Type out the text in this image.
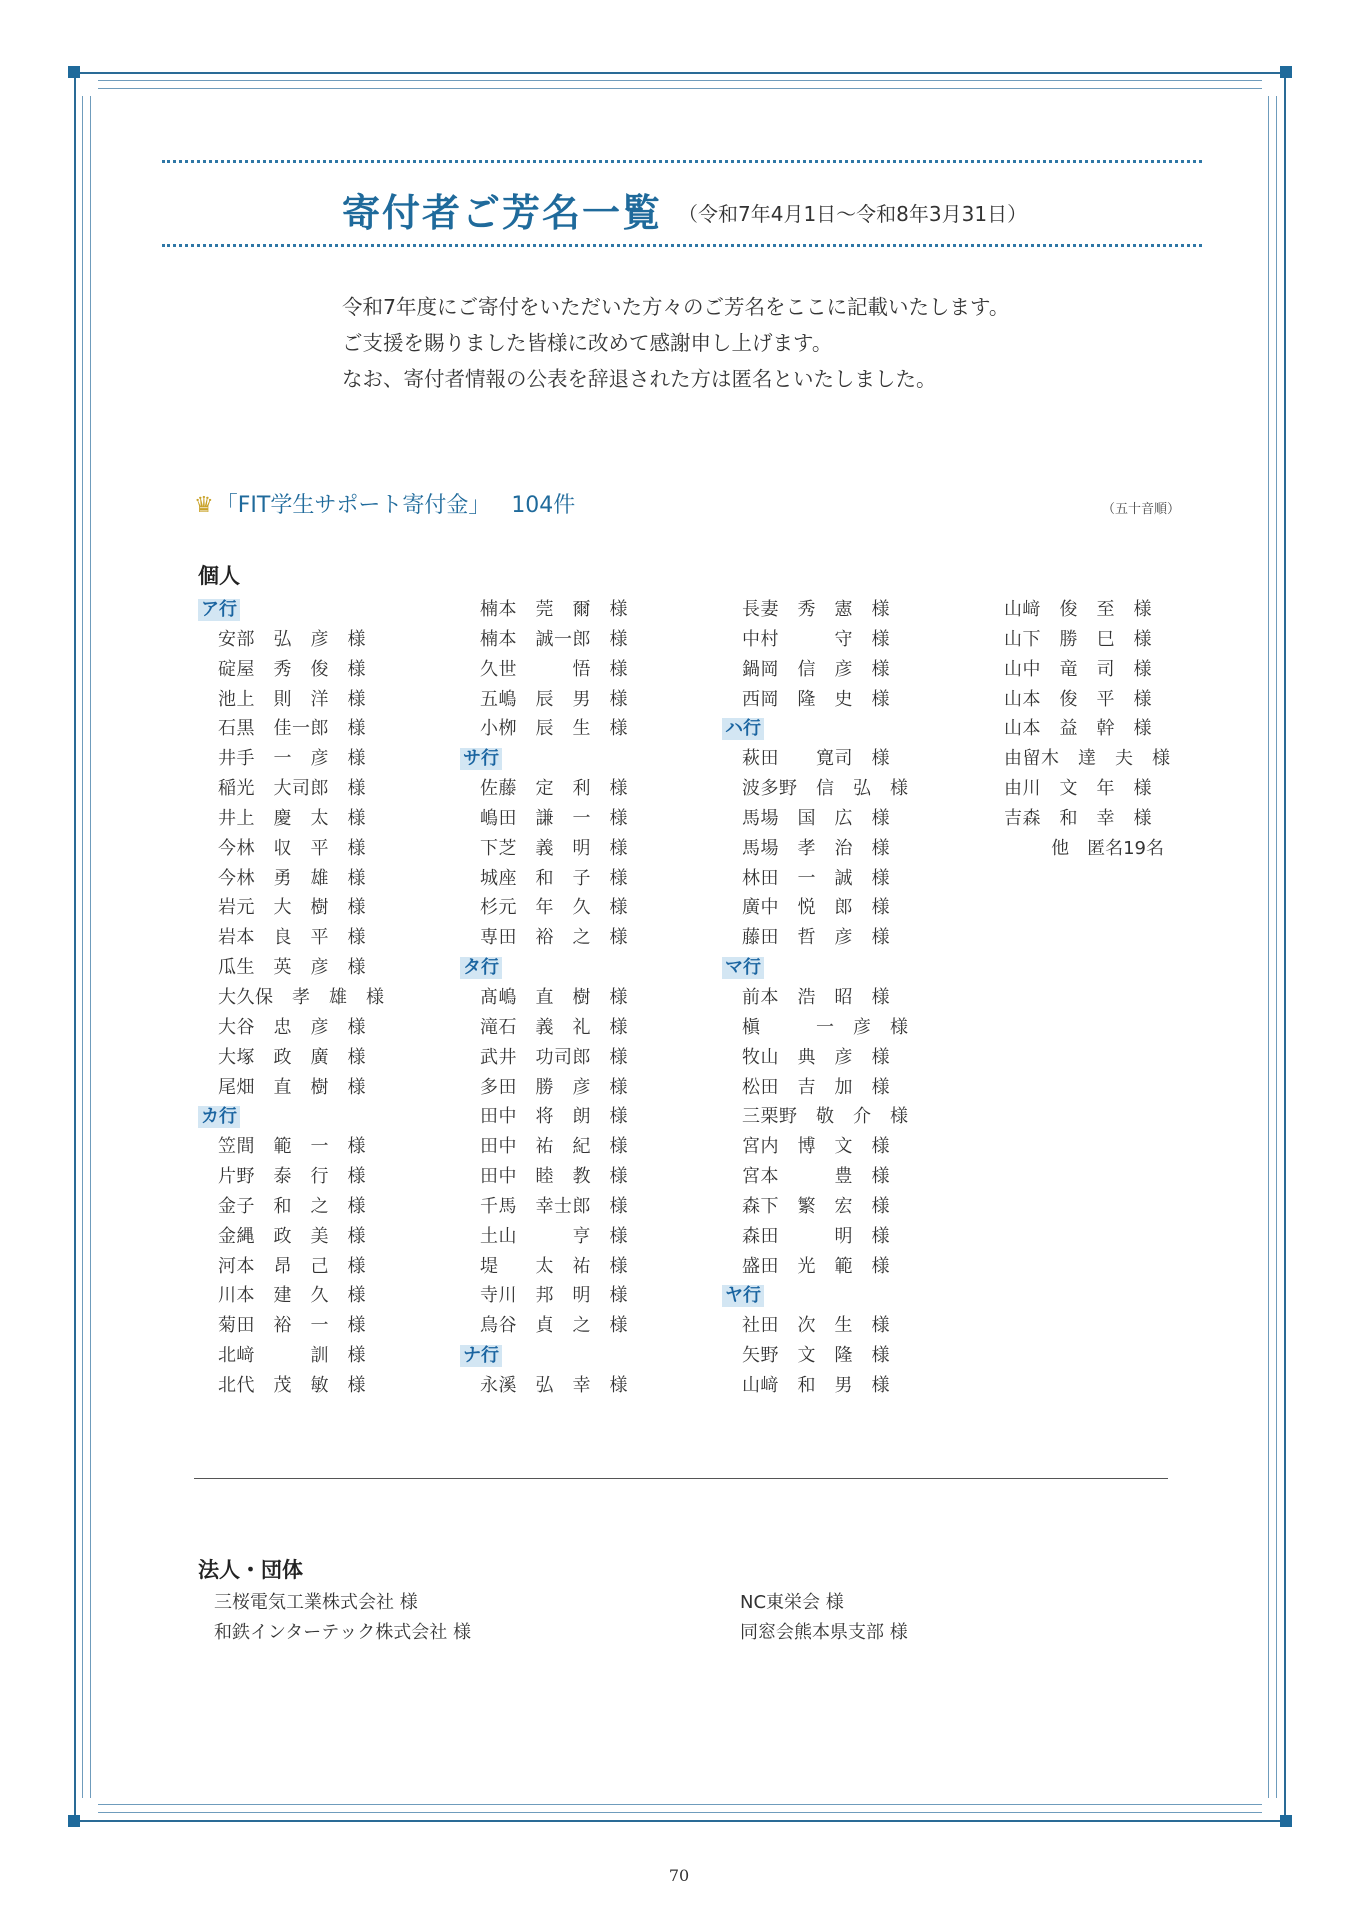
寄付者ご芳名一覧 （令和7年4月1日〜令和8年3月31日）
令和7年度にご寄付をいただいた方々のご芳名をここに記載いたします。
ご支援を賜りました皆様に改めて感謝申し上げます。
なお、寄付者情報の公表を辞退された方は匿名といたしました。
♛「FIT学生サポート寄付金」 104件	（五十音順）
個人
ア行
安部　弘　彦　様
碇屋　秀　俊　様
池上　則　洋　様
石黒　佳一郎　様
井手　一　彦　様
稲光　大司郎　様
井上　慶　太　様
今林　収　平　様
今林　勇　雄　様
岩元　大　樹　様
岩本　良　平　様
瓜生　英　彦　様
大久保　孝　雄　様
大谷　忠　彦　様
大塚　政　廣　様
尾畑　直　樹　様
カ行
笠間　範　一　様
片野　泰　行　様
金子　和　之　様
金縄　政　美　様
河本　昂　己　様
川本　建　久　様
菊田　裕　一　様
北﨑　　　訓　様
北代　茂　敏　様
楠本　莞　爾　様
楠本　誠一郎　様
久世　　　悟　様
五嶋　辰　男　様
小栁　辰　生　様
サ行
佐藤　定　利　様
嶋田　謙　一　様
下芝　義　明　様
城座　和　子　様
杉元　年　久　様
専田　裕　之　様
タ行
髙嶋　直　樹　様
滝石　義　礼　様
武井　功司郎　様
多田　勝　彦　様
田中　将　朗　様
田中　祐　紀　様
田中　睦　教　様
千馬　幸士郎　様
土山　　　亨　様
堤　　太　祐　様
寺川　邦　明　様
鳥谷　貞　之　様
ナ行
永溪　弘　幸　様
長妻　秀　憲　様
中村　　　守　様
鍋岡　信　彦　様
西岡　隆　史　様
ハ行
萩田　　寛司　様
波多野　信　弘　様
馬場　国　広　様
馬場　孝　治　様
林田　一　誠　様
廣中　悦　郎　様
藤田　哲　彦　様
マ行
前本　浩　昭　様
槇　　　一　彦　様
牧山　典　彦　様
松田　吉　加　様
三栗野　敬　介　様
宮内　博　文　様
宮本　　　豊　様
森下　繁　宏　様
森田　　　明　様
盛田　光　範　様
ヤ行
社田　次　生　様
矢野　文　隆　様
山﨑　和　男　様
山﨑　俊　至　様
山下　勝　巳　様
山中　竜　司　様
山本　俊　平　様
山本　益　幹　様
由留木　達　夫　様
由川　文　年　様
吉森　和　幸　様
他　匿名19名
法人・団体
三桜電気工業株式会社 様
和鉄インターテック株式会社 様
NC東栄会 様
同窓会熊本県支部 様
70
